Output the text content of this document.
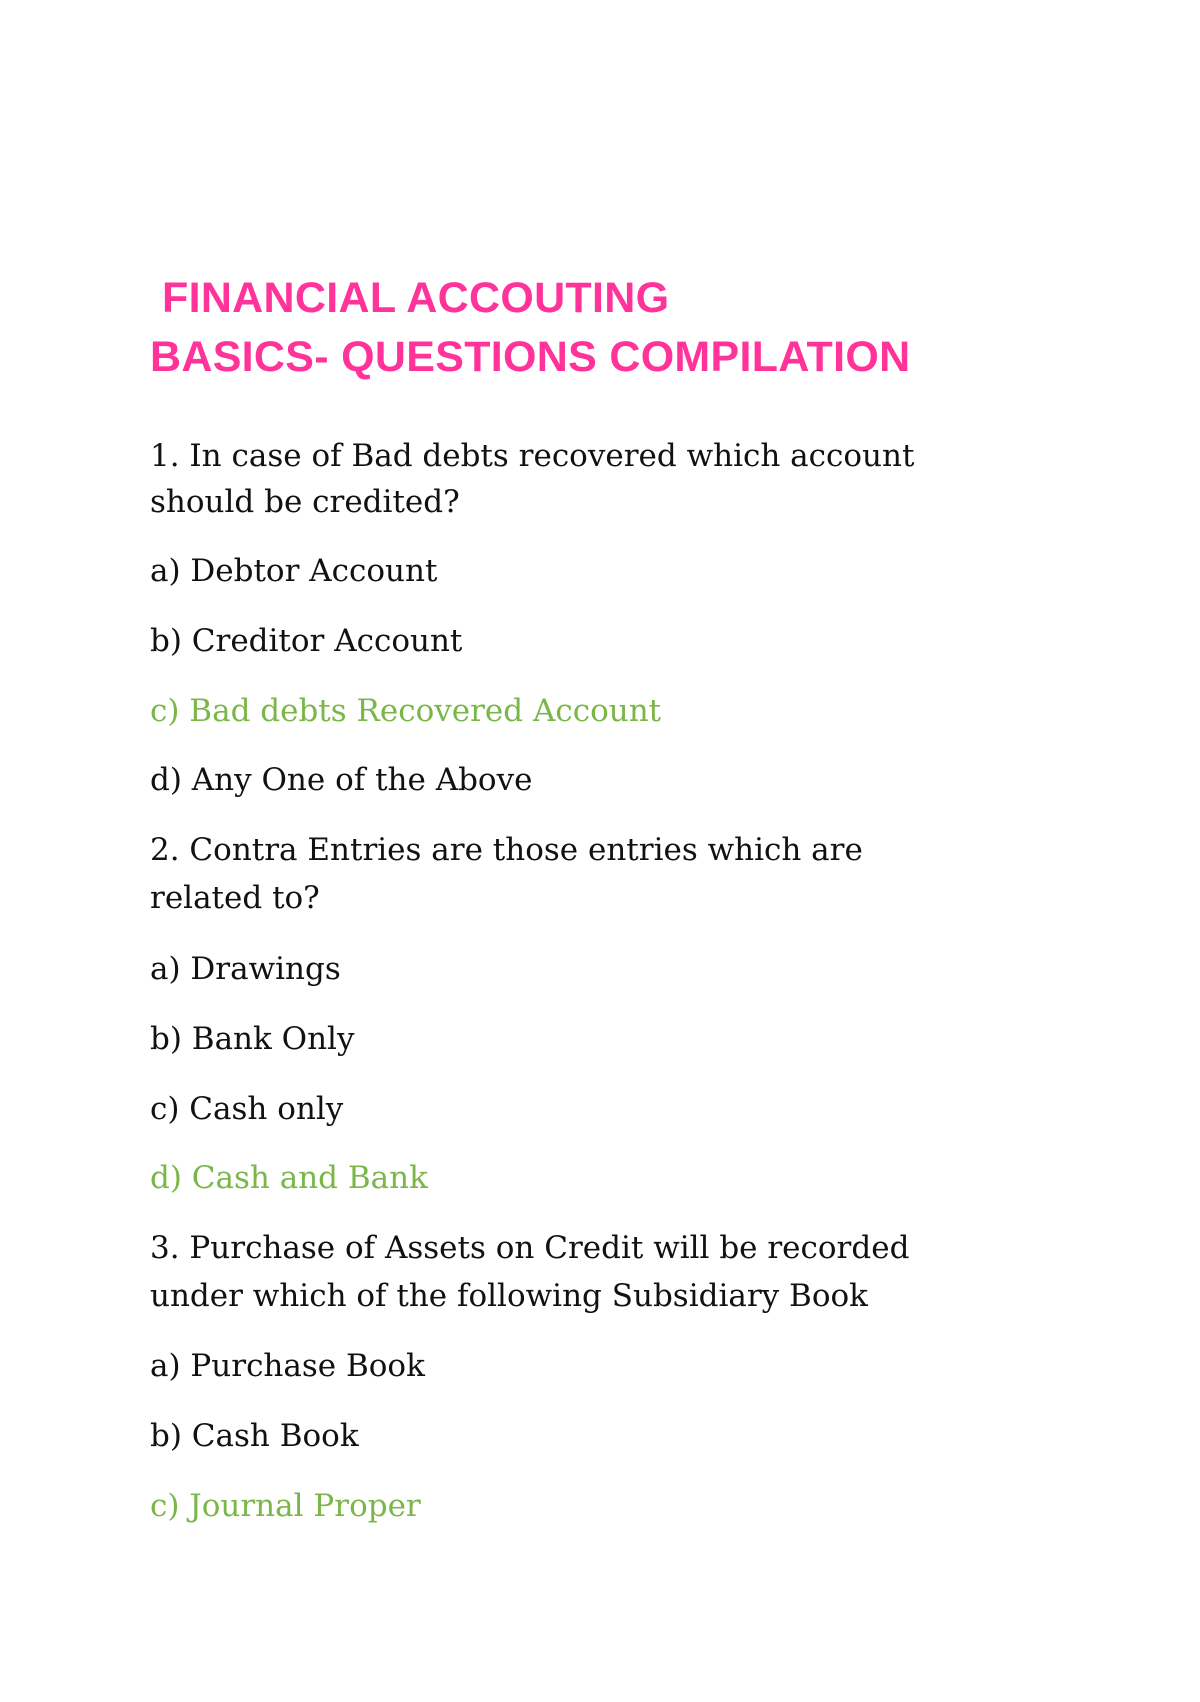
FINANCIAL ACCOUTING
BASICS- QUESTIONS COMPILATION
1. In case of Bad debts recovered which account
should be credited?
a) Debtor Account
b) Creditor Account
c) Bad debts Recovered Account
d) Any One of the Above
2. Contra Entries are those entries which are
related to?
a) Drawings
b) Bank Only
c) Cash only
d) Cash and Bank
3. Purchase of Assets on Credit will be recorded
under which of the following Subsidiary Book
a) Purchase Book
b) Cash Book
c) Journal Proper
